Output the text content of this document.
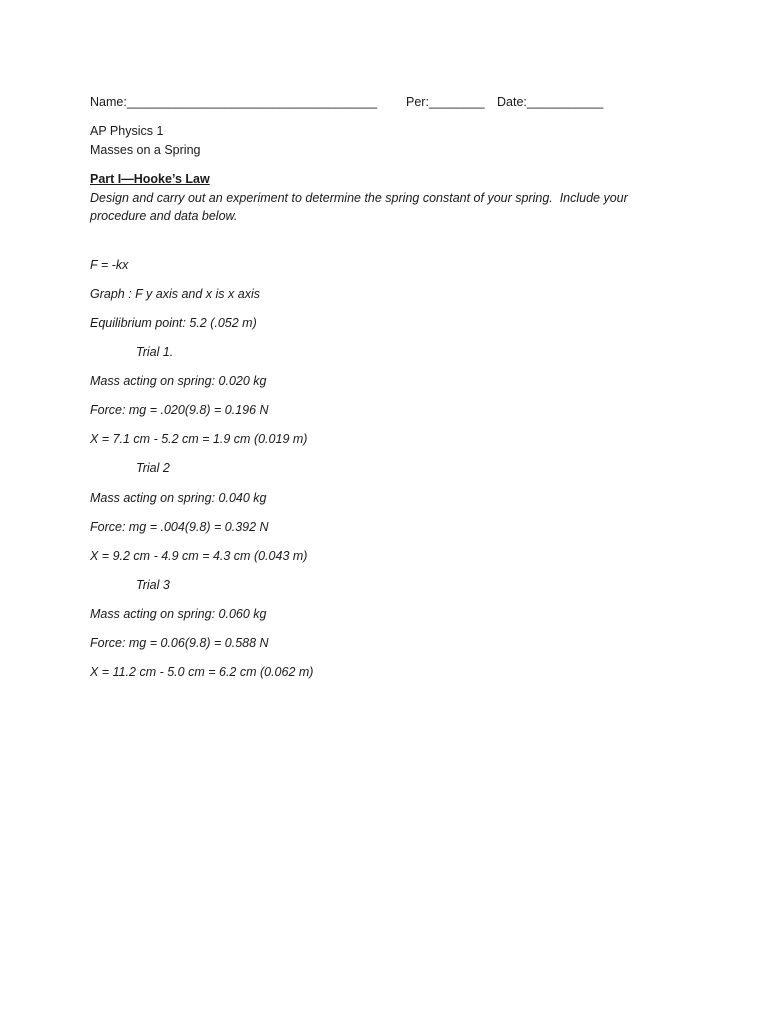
Name:____________________________________ Per:________ Date:___________
AP Physics 1
Masses on a Spring
Part I—Hooke’s Law
Design and carry out an experiment to determine the spring constant of your spring.  Include your
procedure and data below.
F = -kx
Graph : F y axis and x is x axis
Equilibrium point: 5.2 (.052 m)
Trial 1.
Mass acting on spring: 0.020 kg
Force: mg = .020(9.8) = 0.196 N
X = 7.1 cm - 5.2 cm = 1.9 cm (0.019 m)
Trial 2
Mass acting on spring: 0.040 kg
Force: mg = .004(9.8) = 0.392 N
X = 9.2 cm - 4.9 cm = 4.3 cm (0.043 m)
Trial 3
Mass acting on spring: 0.060 kg
Force: mg = 0.06(9.8) = 0.588 N
X = 11.2 cm - 5.0 cm = 6.2 cm (0.062 m)
